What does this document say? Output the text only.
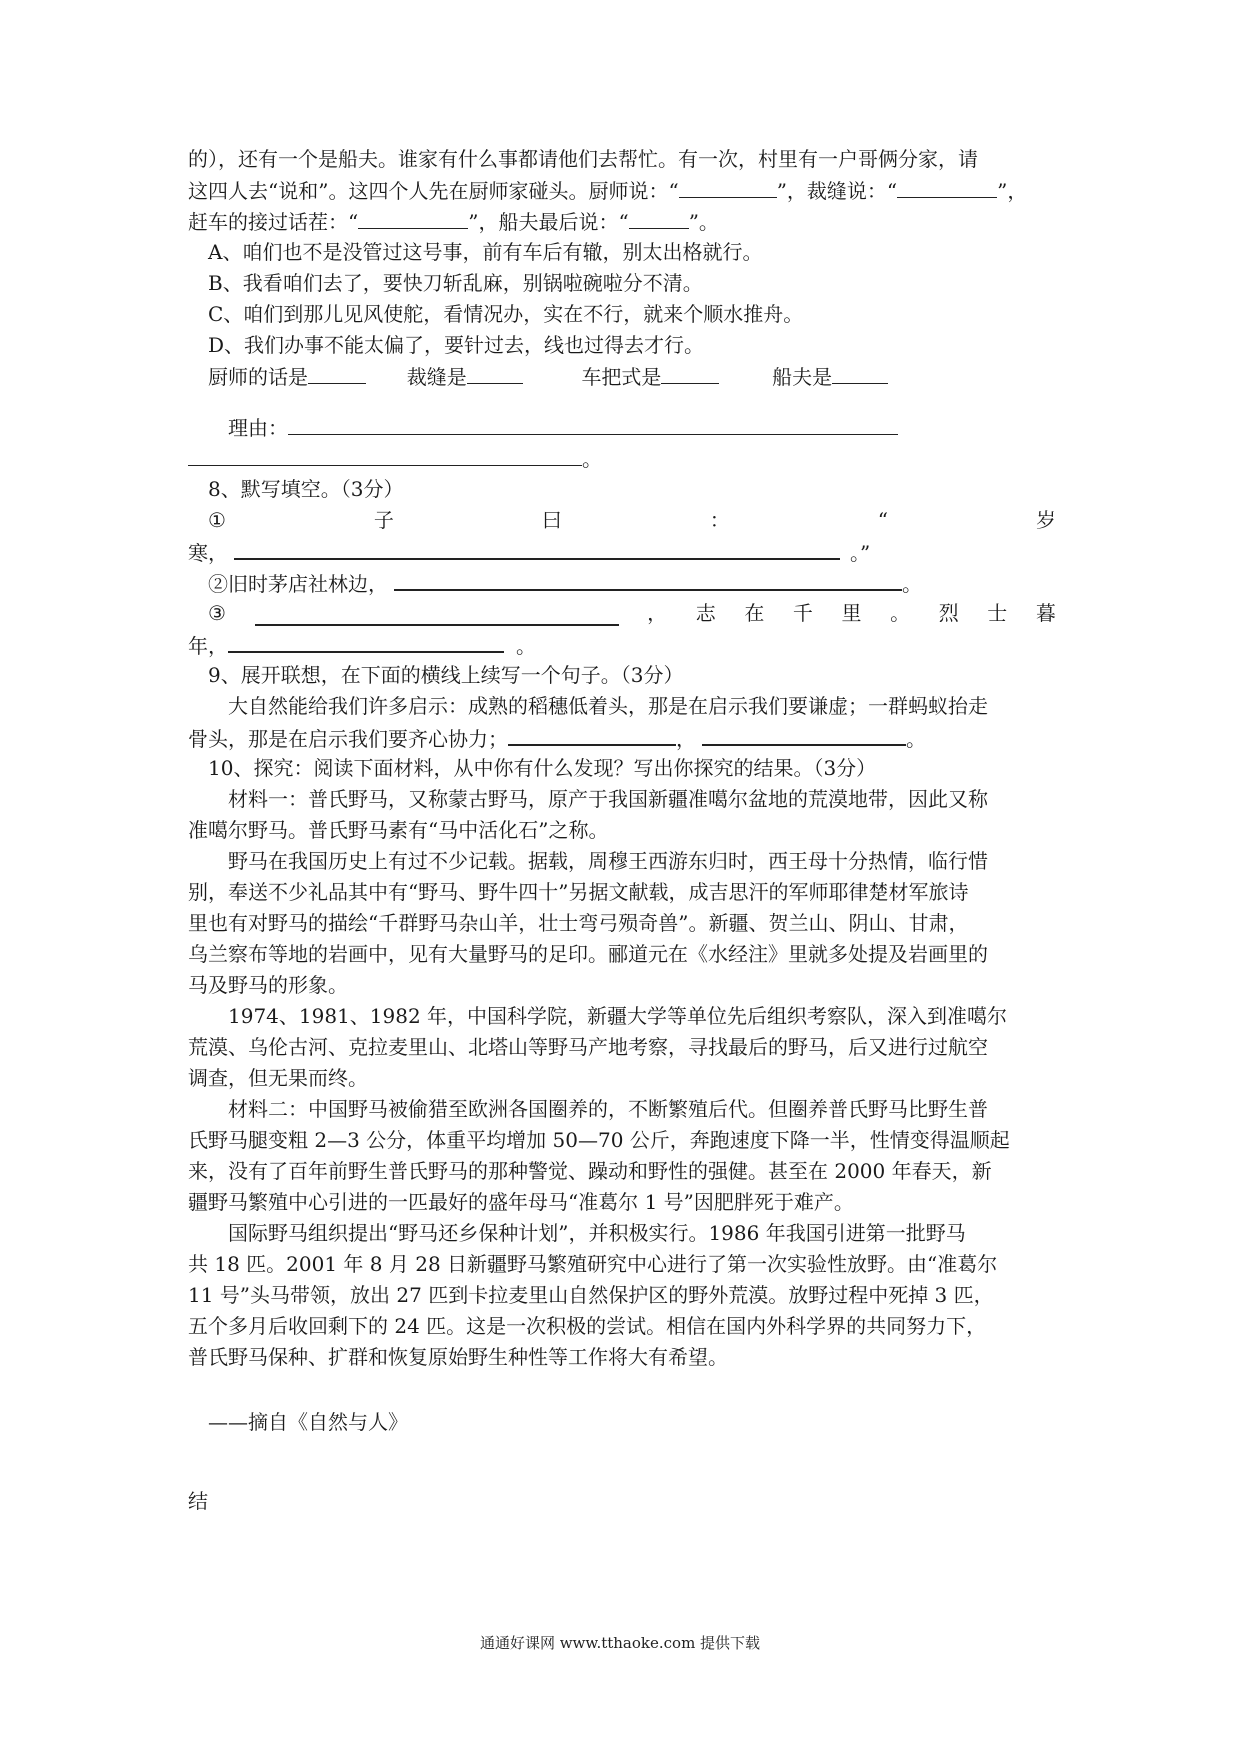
的），还有一个是船夫。谁家有什么事都请他们去帮忙。有一次，村里有一户哥俩分家，请
这四人去“说和”。这四个人先在厨师家碰头。厨师说：“	”，裁缝说：“	”，
赶车的接过话茬：“	”，船夫最后说：“	”。
A、咱们也不是没管过这号事，前有车后有辙，别太出格就行。
B、我看咱们去了，要快刀斩乱麻，别锅啦碗啦分不清。
C、咱们到那儿见风使舵，看情况办，实在不行，就来个顺水推舟。
D、我们办事不能太偏了，要针过去，线也过得去才行。
厨师的话是	裁缝是	车把式是	船夫是
理由：
。
8、默写填空。（3分）
①	子	曰	：	“	岁
寒，	。”
②旧时茅店社林边，	。
③	， 志 在 千 里 。 烈 士 暮
年，	。
9、展开联想，在下面的横线上续写一个句子。（3分）
大自然能给我们许多启示：成熟的稻穗低着头，那是在启示我们要谦虚；一群蚂蚁抬走
骨头，那是在启示我们要齐心协力；	，	。
10、探究：阅读下面材料，从中你有什么发现？写出你探究的结果。（3分）
材料一：普氏野马，又称蒙古野马，原产于我国新疆准噶尔盆地的荒漠地带，因此又称
准噶尔野马。普氏野马素有“马中活化石”之称。
野马在我国历史上有过不少记载。据载，周穆王西游东归时，西王母十分热情，临行惜
别，奉送不少礼品其中有“野马、野牛四十”另据文献载，成吉思汗的军师耶律楚材军旅诗
里也有对野马的描绘“千群野马杂山羊，壮士弯弓殒奇兽”。新疆、贺兰山、阴山、甘肃，
乌兰察布等地的岩画中，见有大量野马的足印。郦道元在《水经注》里就多处提及岩画里的
马及野马的形象。
1974、1981、1982 年，中国科学院，新疆大学等单位先后组织考察队，深入到准噶尔
荒漠、乌伦古河、克拉麦里山、北塔山等野马产地考察，寻找最后的野马，后又进行过航空
调查，但无果而终。
材料二：中国野马被偷猎至欧洲各国圈养的，不断繁殖后代。但圈养普氏野马比野生普
氏野马腿变粗 2—3 公分，体重平均增加 50—70 公斤，奔跑速度下降一半，性情变得温顺起
来，没有了百年前野生普氏野马的那种警觉、躁动和野性的强健。甚至在 2000 年春天，新
疆野马繁殖中心引进的一匹最好的盛年母马“准葛尔 1 号”因肥胖死于难产。
国际野马组织提出“野马还乡保种计划”，并积极实行。1986 年我国引进第一批野马
共 18 匹。2001 年 8 月 28 日新疆野马繁殖研究中心进行了第一次实验性放野。由“准葛尔
11 号”头马带领，放出 27 匹到卡拉麦里山自然保护区的野外荒漠。放野过程中死掉 3 匹，
五个多月后收回剩下的 24 匹。这是一次积极的尝试。相信在国内外科学界的共同努力下，
普氏野马保种、扩群和恢复原始野生种性等工作将大有希望。
——摘自《自然与人》
结
通通好课网 www.tthaoke.com 提供下载
